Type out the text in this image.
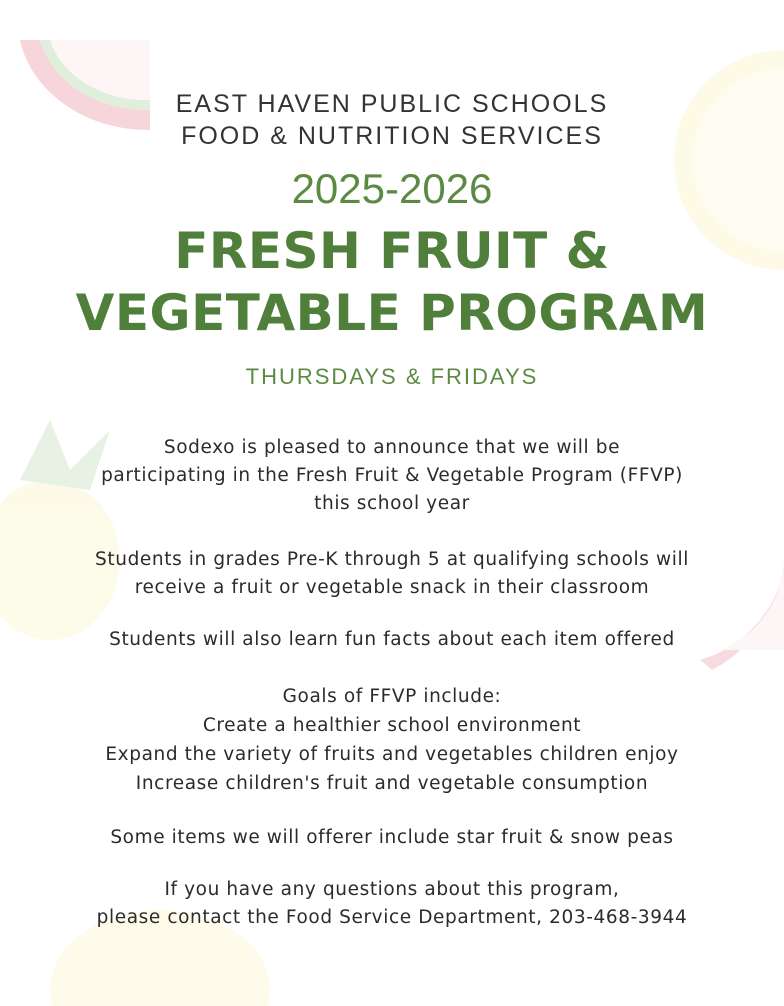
EAST HAVEN PUBLIC SCHOOLS

FOOD & NUTRITION SERVICES

2025-2026

FRESH FRUIT &

VEGETABLE PROGRAM

THURSDAYS & FRIDAYS

Sodexo is pleased to announce that we will be
participating in the Fresh Fruit & Vegetable Program (FFVP)
this school year
Students in grades Pre-K through 5 at qualifying schools will
receive a fruit or vegetable snack in their classroom
Students will also learn fun facts about each item offered
Goals of FFVP include:
Create a healthier school environment
Expand the variety of fruits and vegetables children enjoy
Increase children's fruit and vegetable consumption
Some items we will offerer include star fruit & snow peas
If you have any questions about this program,
please contact the Food Service Department, 203-468-3944
